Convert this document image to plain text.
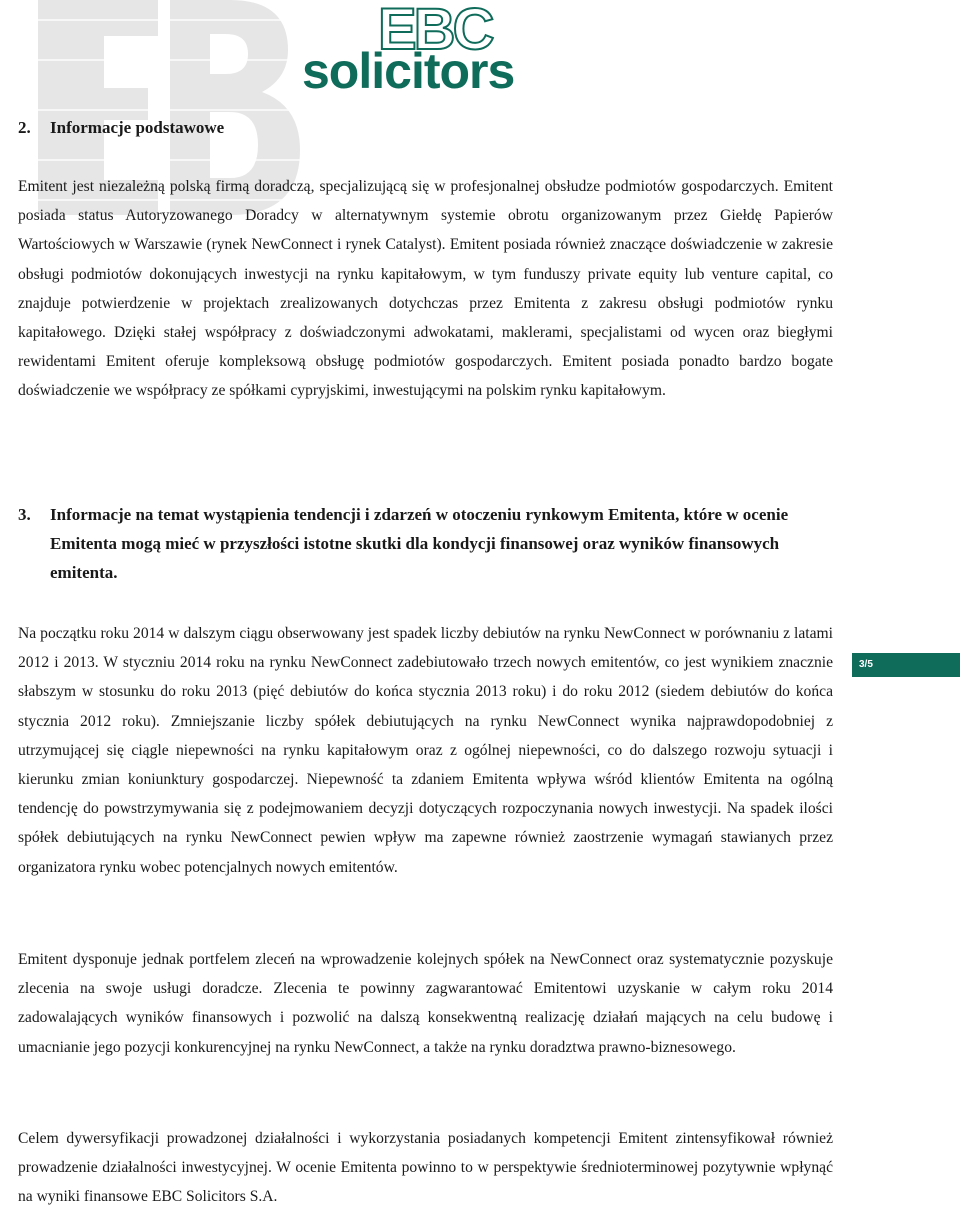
EBC
solicitors
2.	Informacje podstawowe

Emitent jest niezależną polską firmą doradczą, specjalizującą się w profesjonalnej obsłudze podmiotów gospodarczych. Emitent posiada status Autoryzowanego Doradcy w alternatywnym systemie obrotu organizowanym przez Giełdę Papierów Wartościowych w Warszawie (rynek NewConnect i rynek Catalyst). Emitent posiada również znaczące doświadczenie w zakresie obsługi podmiotów dokonujących inwestycji na rynku kapitałowym, w tym funduszy private equity lub venture capital, co znajduje potwierdzenie w projektach zrealizowanych dotychczas przez Emitenta z zakresu obsługi podmiotów rynku kapitałowego. Dzięki stałej współpracy z doświadczonymi adwokatami, maklerami, specjalistami od wycen oraz biegłymi rewidentami Emitent oferuje kompleksową obsługę podmiotów gospodarczych. Emitent posiada ponadto bardzo bogate doświadczenie we współpracy ze spółkami cypryjskimi, inwestującymi na polskim rynku kapitałowym.

3.	Informacje na temat wystąpienia tendencji i zdarzeń w otoczeniu rynkowym Emitenta, które w ocenie Emitenta mogą mieć w przyszłości istotne skutki dla kondycji finansowej oraz wyników finansowych emitenta.

Na początku roku 2014 w dalszym ciągu obserwowany jest spadek liczby debiutów na rynku NewConnect w porównaniu z latami 2012 i 2013. W styczniu 2014 roku na rynku NewConnect zadebiutowało trzech nowych emitentów, co jest wynikiem znacznie słabszym w stosunku do roku 2013 (pięć debiutów do końca stycznia 2013 roku) i do roku 2012 (siedem debiutów do końca stycznia 2012 roku). Zmniejszanie liczby spółek debiutujących na rynku NewConnect wynika najprawdopodobniej z utrzymującej się ciągle niepewności na rynku kapitałowym oraz z ogólnej niepewności, co do dalszego rozwoju sytuacji i kierunku zmian koniunktury gospodarczej. Niepewność ta zdaniem Emitenta wpływa wśród klientów Emitenta na ogólną tendencję do powstrzymywania się z podejmowaniem decyzji dotyczących rozpoczynania nowych inwestycji. Na spadek ilości spółek debiutujących na rynku NewConnect pewien wpływ ma zapewne również zaostrzenie wymagań stawianych przez organizatora rynku wobec potencjalnych nowych emitentów.

Emitent dysponuje jednak portfelem zleceń na wprowadzenie kolejnych spółek na NewConnect oraz systematycznie pozyskuje zlecenia na swoje usługi doradcze. Zlecenia te powinny zagwarantować Emitentowi uzyskanie w całym roku 2014 zadowalających wyników finansowych i pozwolić na dalszą konsekwentną realizację działań mających na celu budowę i umacnianie jego pozycji konkurencyjnej na rynku NewConnect, a także na rynku doradztwa prawno-biznesowego.

Celem dywersyfikacji prowadzonej działalności i wykorzystania posiadanych kompetencji Emitent zintensyfikował również prowadzenie działalności inwestycyjnej. W ocenie Emitenta powinno to w perspektywie średnioterminowej pozytywnie wpłynąć na wyniki finansowe EBC Solicitors S.A.

3/5
